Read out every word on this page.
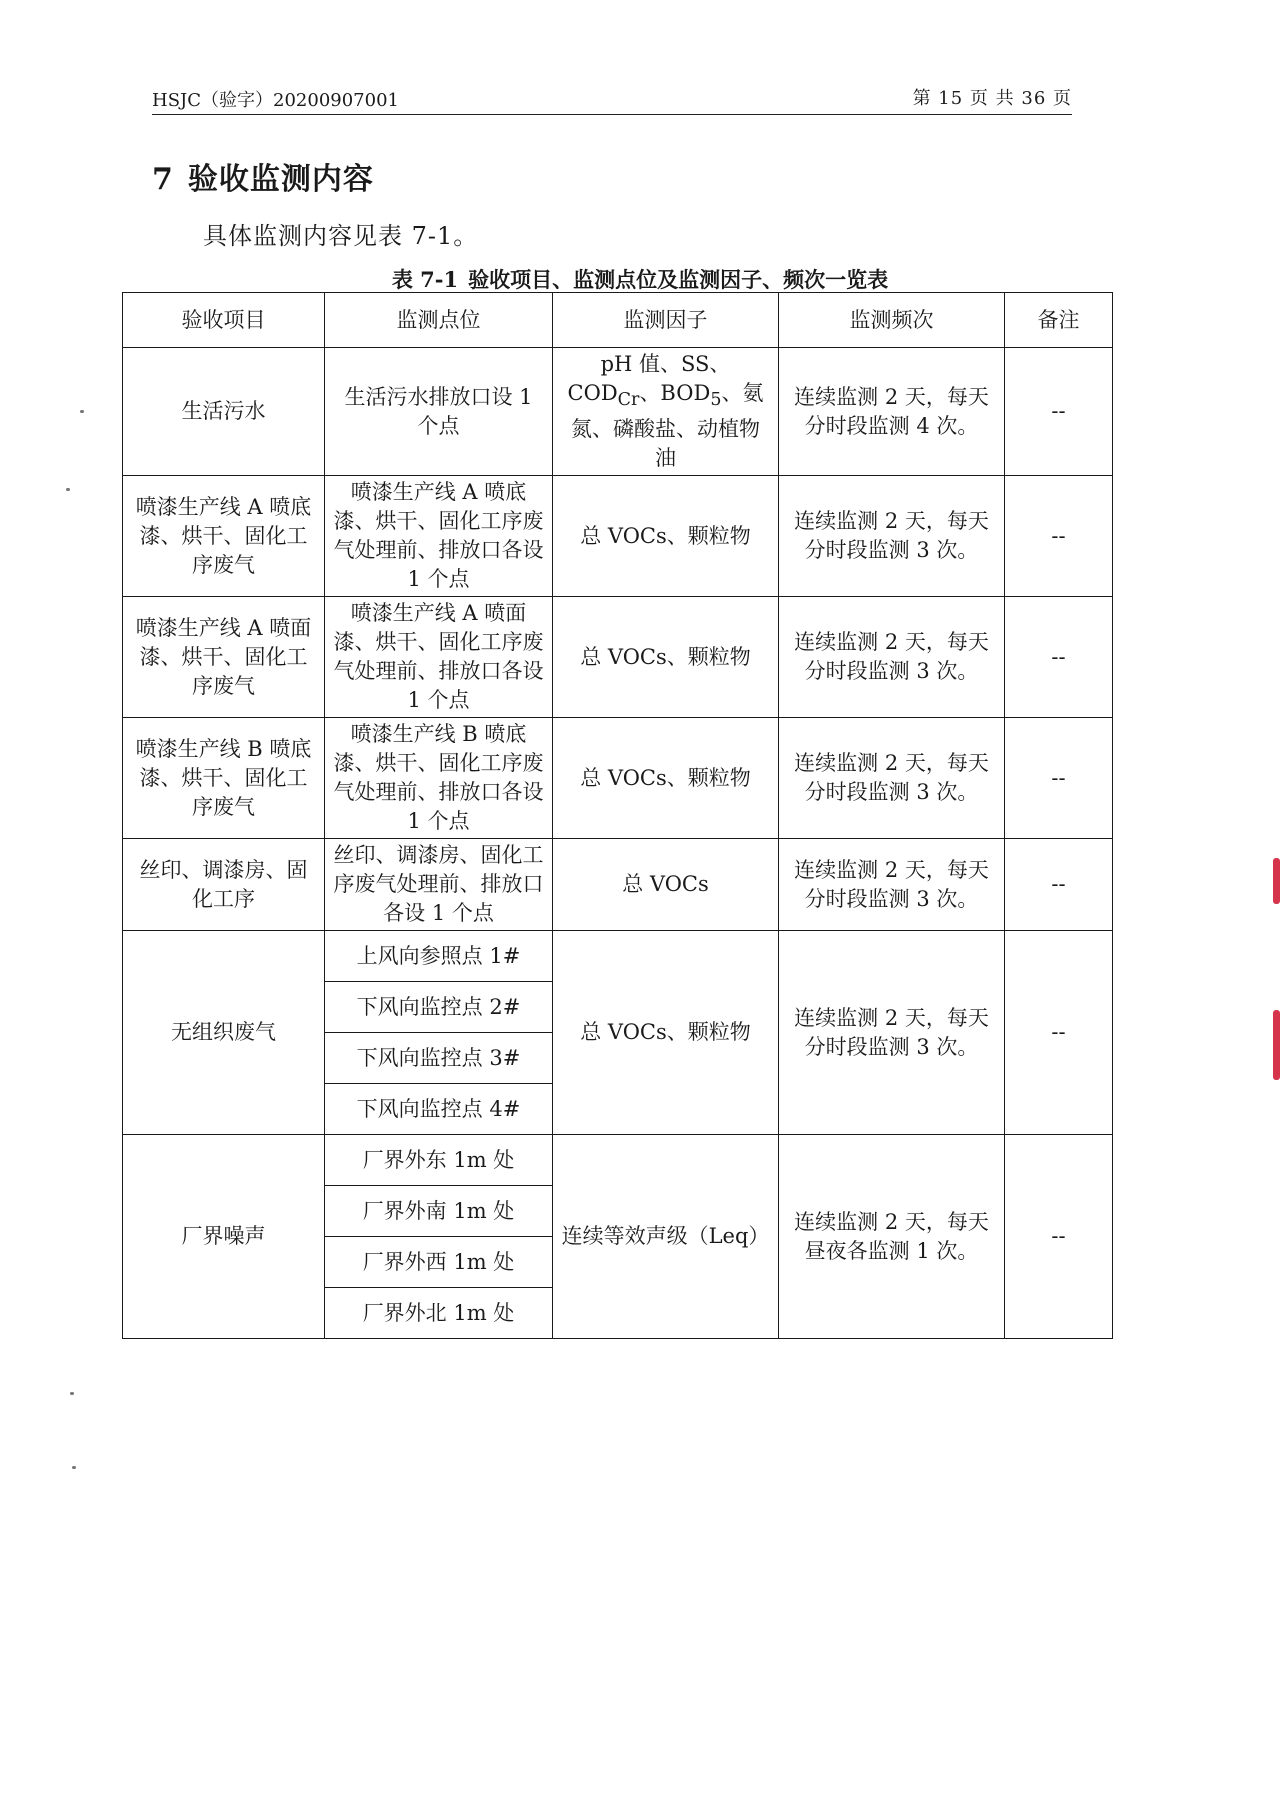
HSJC（验字）20200907001	第 15 页 共 36 页
7 验收监测内容
具体监测内容见表 7-1。
表 7-1 验收项目、监测点位及监测因子、频次一览表
验收项目	监测点位	监测因子	监测频次	备注
生活污水	生活污水排放口设 1 个点	pH 值、SS、$COD_{Cr}$、$BOD_5$、氨氮、磷酸盐、动植物油	连续监测 2 天，每天分时段监测 4 次。	--
喷漆生产线 A 喷底漆、烘干、固化工序废气	喷漆生产线 A 喷底漆、烘干、固化工序废气处理前、排放口各设 1 个点	总 VOCs、颗粒物	连续监测 2 天，每天分时段监测 3 次。	--
喷漆生产线 A 喷面漆、烘干、固化工序废气	喷漆生产线 A 喷面漆、烘干、固化工序废气处理前、排放口各设 1 个点	总 VOCs、颗粒物	连续监测 2 天，每天分时段监测 3 次。	--
喷漆生产线 B 喷底漆、烘干、固化工序废气	喷漆生产线 B 喷底漆、烘干、固化工序废气处理前、排放口各设 1 个点	总 VOCs、颗粒物	连续监测 2 天，每天分时段监测 3 次。	--
丝印、调漆房、固化工序	丝印、调漆房、固化工序废气处理前、排放口各设 1 个点	总 VOCs	连续监测 2 天，每天分时段监测 3 次。	--
无组织废气	上风向参照点 1#	总 VOCs、颗粒物	连续监测 2 天，每天分时段监测 3 次。	--
	下风向监控点 2#			
	下风向监控点 3#			
	下风向监控点 4#			
厂界噪声	厂界外东 1m 处	连续等效声级（Leq）	连续监测 2 天，每天昼夜各监测 1 次。	--
	厂界外南 1m 处			
	厂界外西 1m 处			
	厂界外北 1m 处			
